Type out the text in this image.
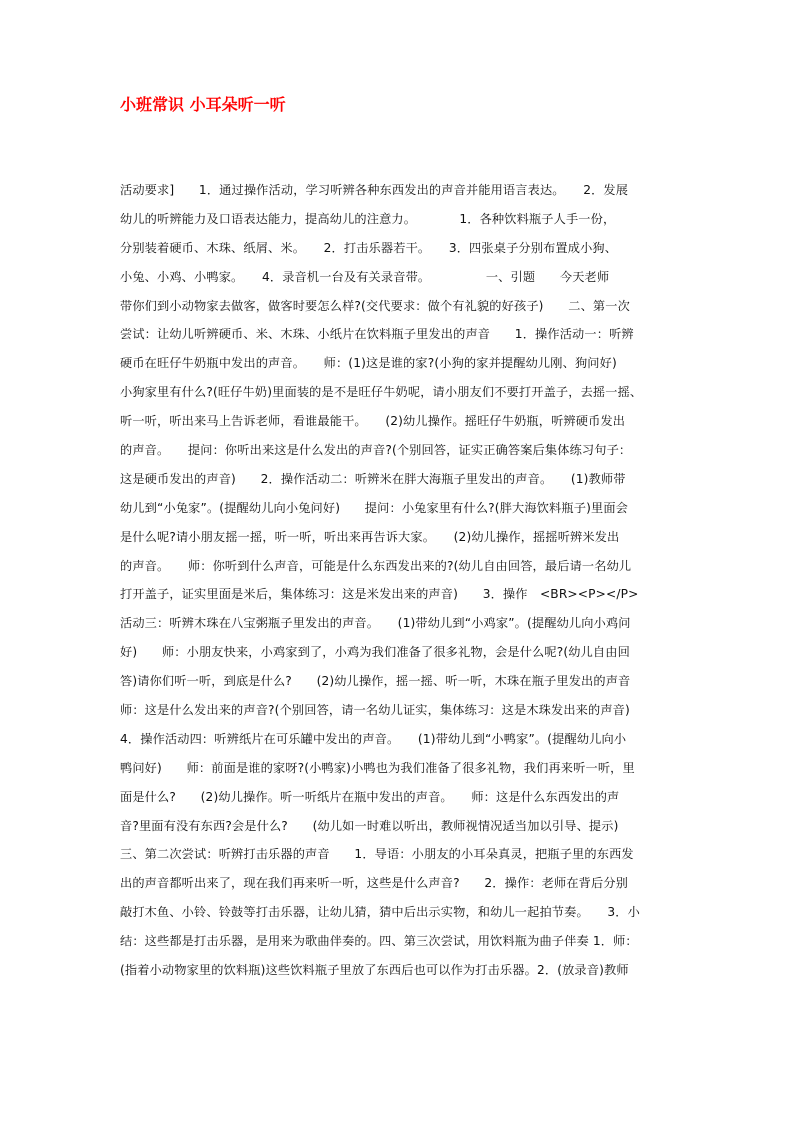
小班常识 小耳朵听一听
活动要求]　　1．通过操作活动，学习听辨各种东西发出的声音并能用语言表达。　　2．发展
幼儿的听辨能力及口语表达能力，提高幼儿的注意力。　　　　1．各种饮料瓶子人手一份，
分别装着硬币、木珠、纸屑、米。　　2．打击乐器若干。　　3．四张桌子分别布置成小狗、
小兔、小鸡、小鸭家。　　4．录音机一台及有关录音带。　　　　　一、引题　　今天老师
带你们到小动物家去做客，做客时要怎么样?(交代要求：做个有礼貌的好孩子)　　二、第一次
尝试：让幼儿听辨硬币、米、木珠、小纸片在饮料瓶子里发出的声音　　1．操作活动一：听辨
硬币在旺仔牛奶瓶中发出的声音。　　师：(1)这是谁的家?(小狗的家并提醒幼儿刚、狗问好)
小狗家里有什么?(旺仔牛奶)里面装的是不是旺仔牛奶呢，请小朋友们不要打开盖子，去摇一摇、
听一听，听出来马上告诉老师，看谁最能干。　　(2)幼儿操作。摇旺仔牛奶瓶，听辨硬币发出
的声音。　　提问：你听出来这是什么发出的声音?(个别回答，证实正确答案后集体练习句子：
这是硬币发出的声音)　　2．操作活动二：听辨米在胖大海瓶子里发出的声音。　　(1)教师带
幼儿到“小兔家”。(提醒幼儿向小兔问好)　　提问：小兔家里有什么?(胖大海饮料瓶子)里面会
是什么呢?请小朋友摇一摇，听一听，听出来再告诉大家。　　(2)幼儿操作，摇摇听辨米发出
的声音。　　师：你听到什么声音，可能是什么东西发出来的?(幼儿自由回答，最后请一名幼儿
打开盖子，证实里面是米后，集体练习：这是米发出来的声音)　　3．操作　<BR><P></P>
活动三：听辨木珠在八宝粥瓶子里发出的声音。　　(1)带幼儿到“小鸡家”。(提醒幼儿向小鸡问
好)　　师：小朋友快来，小鸡家到了，小鸡为我们准备了很多礼物，会是什么呢?(幼儿自由回
答)请你们听一听，到底是什么?　　(2)幼儿操作，摇一摇、听一听，木珠在瓶子里发出的声音
师：这是什么发出来的声音?(个别回答，请一名幼儿证实，集体练习：这是木珠发出来的声音)
4．操作活动四：听辨纸片在可乐罐中发出的声音。　　(1)带幼儿到“小鸭家”。(提醒幼儿向小
鸭问好)　　师：前面是谁的家呀?(小鸭家)小鸭也为我们准备了很多礼物，我们再来听一听，里
面是什么?　　(2)幼儿操作。听一听纸片在瓶中发出的声音。　　师：这是什么东西发出的声
音?里面有没有东西?会是什么?　　(幼儿如一时难以听出，教师视情况适当加以引导、提示)
三、第二次尝试：听辨打击乐器的声音　　1．导语：小朋友的小耳朵真灵，把瓶子里的东西发
出的声音都听出来了，现在我们再来听一听，这些是什么声音?　　2．操作：老师在背后分别
敲打木鱼、小铃、铃鼓等打击乐器，让幼儿猜，猜中后出示实物，和幼儿一起拍节奏。　　3．小
结：这些都是打击乐器，是用来为歌曲伴奏的。四、第三次尝试，用饮料瓶为曲子伴奏 1．师：
(指着小动物家里的饮料瓶)这些饮料瓶子里放了东西后也可以作为打击乐器。2．(放录音)教师
